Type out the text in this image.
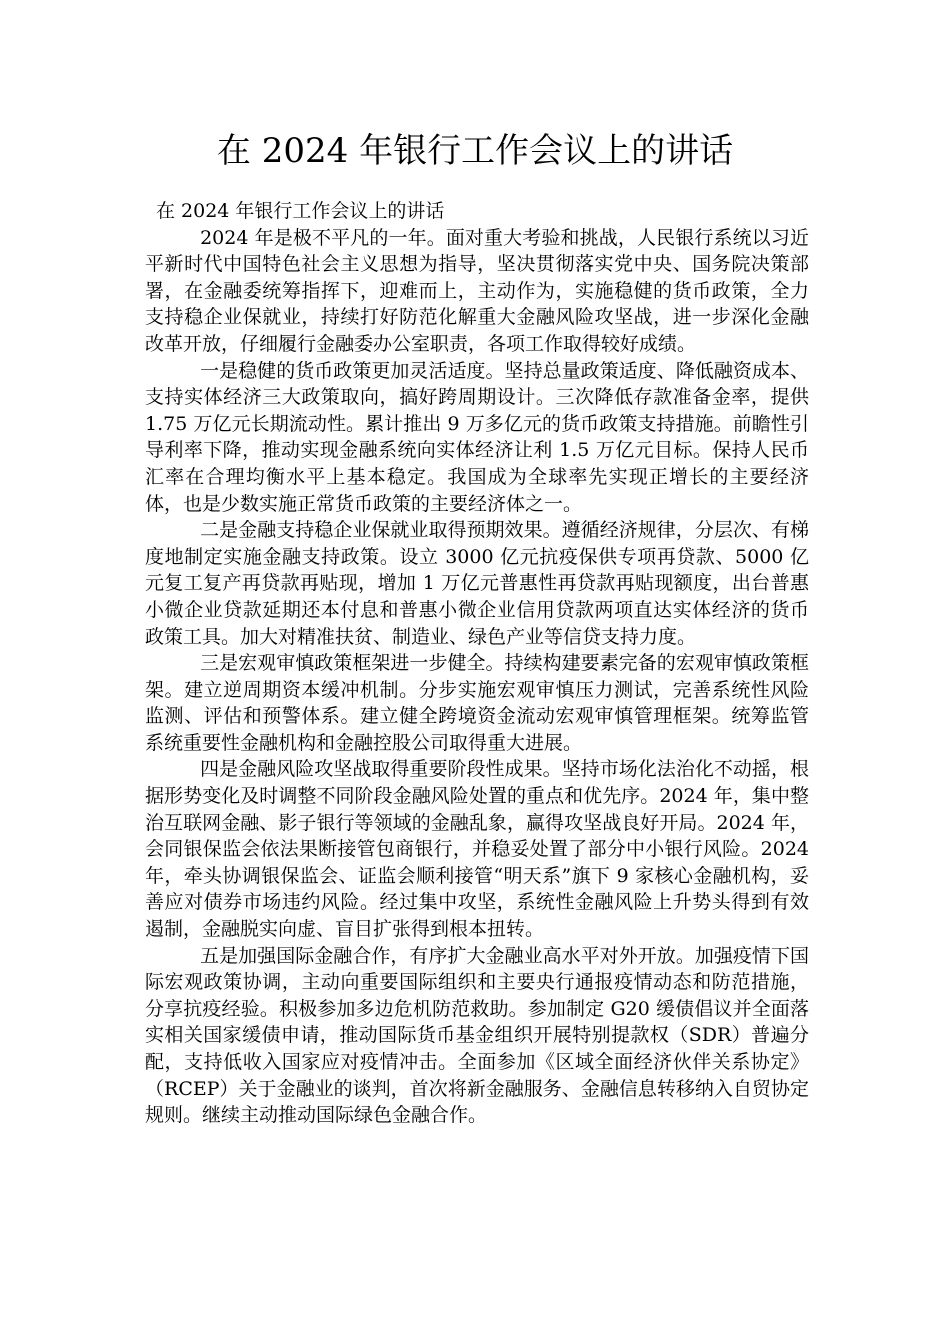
在 2024 年银行工作会议上的讲话

在 2024 年银行工作会议上的讲话

2024 年是极不平凡的一年。面对重大考验和挑战，人民银行系统以习近平新时代中国特色社会主义思想为指导，坚决贯彻落实党中央、国务院决策部署，在金融委统筹指挥下，迎难而上，主动作为，实施稳健的货币政策，全力支持稳企业保就业，持续打好防范化解重大金融风险攻坚战，进一步深化金融改革开放，仔细履行金融委办公室职责，各项工作取得较好成绩。

一是稳健的货币政策更加灵活适度。坚持总量政策适度、降低融资成本、支持实体经济三大政策取向，搞好跨周期设计。三次降低存款准备金率，提供 1.75 万亿元长期流动性。累计推出 9 万多亿元的货币政策支持措施。前瞻性引导利率下降，推动实现金融系统向实体经济让利 1.5 万亿元目标。保持人民币汇率在合理均衡水平上基本稳定。我国成为全球率先实现正增长的主要经济体，也是少数实施正常货币政策的主要经济体之一。

二是金融支持稳企业保就业取得预期效果。遵循经济规律，分层次、有梯度地制定实施金融支持政策。设立 3000 亿元抗疫保供专项再贷款、5000 亿元复工复产再贷款再贴现，增加 1 万亿元普惠性再贷款再贴现额度，出台普惠小微企业贷款延期还本付息和普惠小微企业信用贷款两项直达实体经济的货币政策工具。加大对精准扶贫、制造业、绿色产业等信贷支持力度。

三是宏观审慎政策框架进一步健全。持续构建要素完备的宏观审慎政策框架。建立逆周期资本缓冲机制。分步实施宏观审慎压力测试，完善系统性风险监测、评估和预警体系。建立健全跨境资金流动宏观审慎管理框架。统筹监管系统重要性金融机构和金融控股公司取得重大进展。

四是金融风险攻坚战取得重要阶段性成果。坚持市场化法治化不动摇，根据形势变化及时调整不同阶段金融风险处置的重点和优先序。2024 年，集中整治互联网金融、影子银行等领域的金融乱象，赢得攻坚战良好开局。2024 年，会同银保监会依法果断接管包商银行，并稳妥处置了部分中小银行风险。2024 年，牵头协调银保监会、证监会顺利接管“明天系”旗下 9 家核心金融机构，妥善应对债券市场违约风险。经过集中攻坚，系统性金融风险上升势头得到有效遏制，金融脱实向虚、盲目扩张得到根本扭转。

五是加强国际金融合作，有序扩大金融业高水平对外开放。加强疫情下国际宏观政策协调，主动向重要国际组织和主要央行通报疫情动态和防范措施，分享抗疫经验。积极参加多边危机防范救助。参加制定 G20 缓债倡议并全面落实相关国家缓债申请，推动国际货币基金组织开展特别提款权（SDR）普遍分配，支持低收入国家应对疫情冲击。全面参加《区域全面经济伙伴关系协定》（RCEP）关于金融业的谈判，首次将新金融服务、金融信息转移纳入自贸协定规则。继续主动推动国际绿色金融合作。
